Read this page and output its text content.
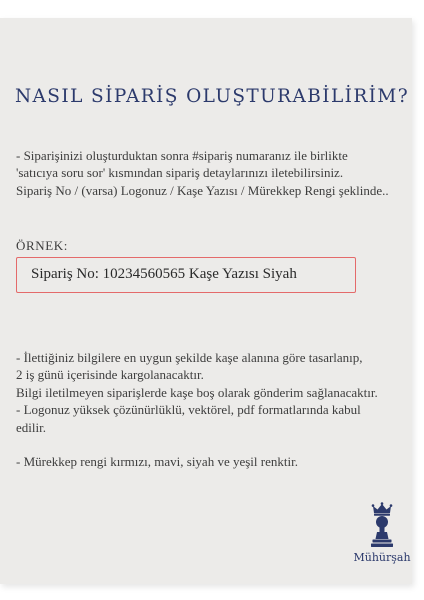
NASIL SİPARİŞ OLUŞTURABİLİRİM?
- Siparişinizi oluşturduktan sonra #sipariş numaranız ile birlikte
'satıcıya soru sor' kısmından sipariş detaylarınızı iletebilirsiniz.
Sipariş No / (varsa) Logonuz / Kaşe Yazısı / Mürekkep Rengi şeklinde..
ÖRNEK:
Sipariş No: 10234560565 Kaşe Yazısı Siyah
- İlettiğiniz bilgilere en uygun şekilde kaşe alanına göre tasarlanıp,
2 iş günü içerisinde kargolanacaktır.
Bilgi iletilmeyen siparişlerde kaşe boş olarak gönderim sağlanacaktır.
- Logonuz yüksek çözünürlüklü, vektörel, pdf formatlarında kabul
edilir.
- Mürekkep rengi kırmızı, mavi, siyah ve yeşil renktir.
Mühürşah
